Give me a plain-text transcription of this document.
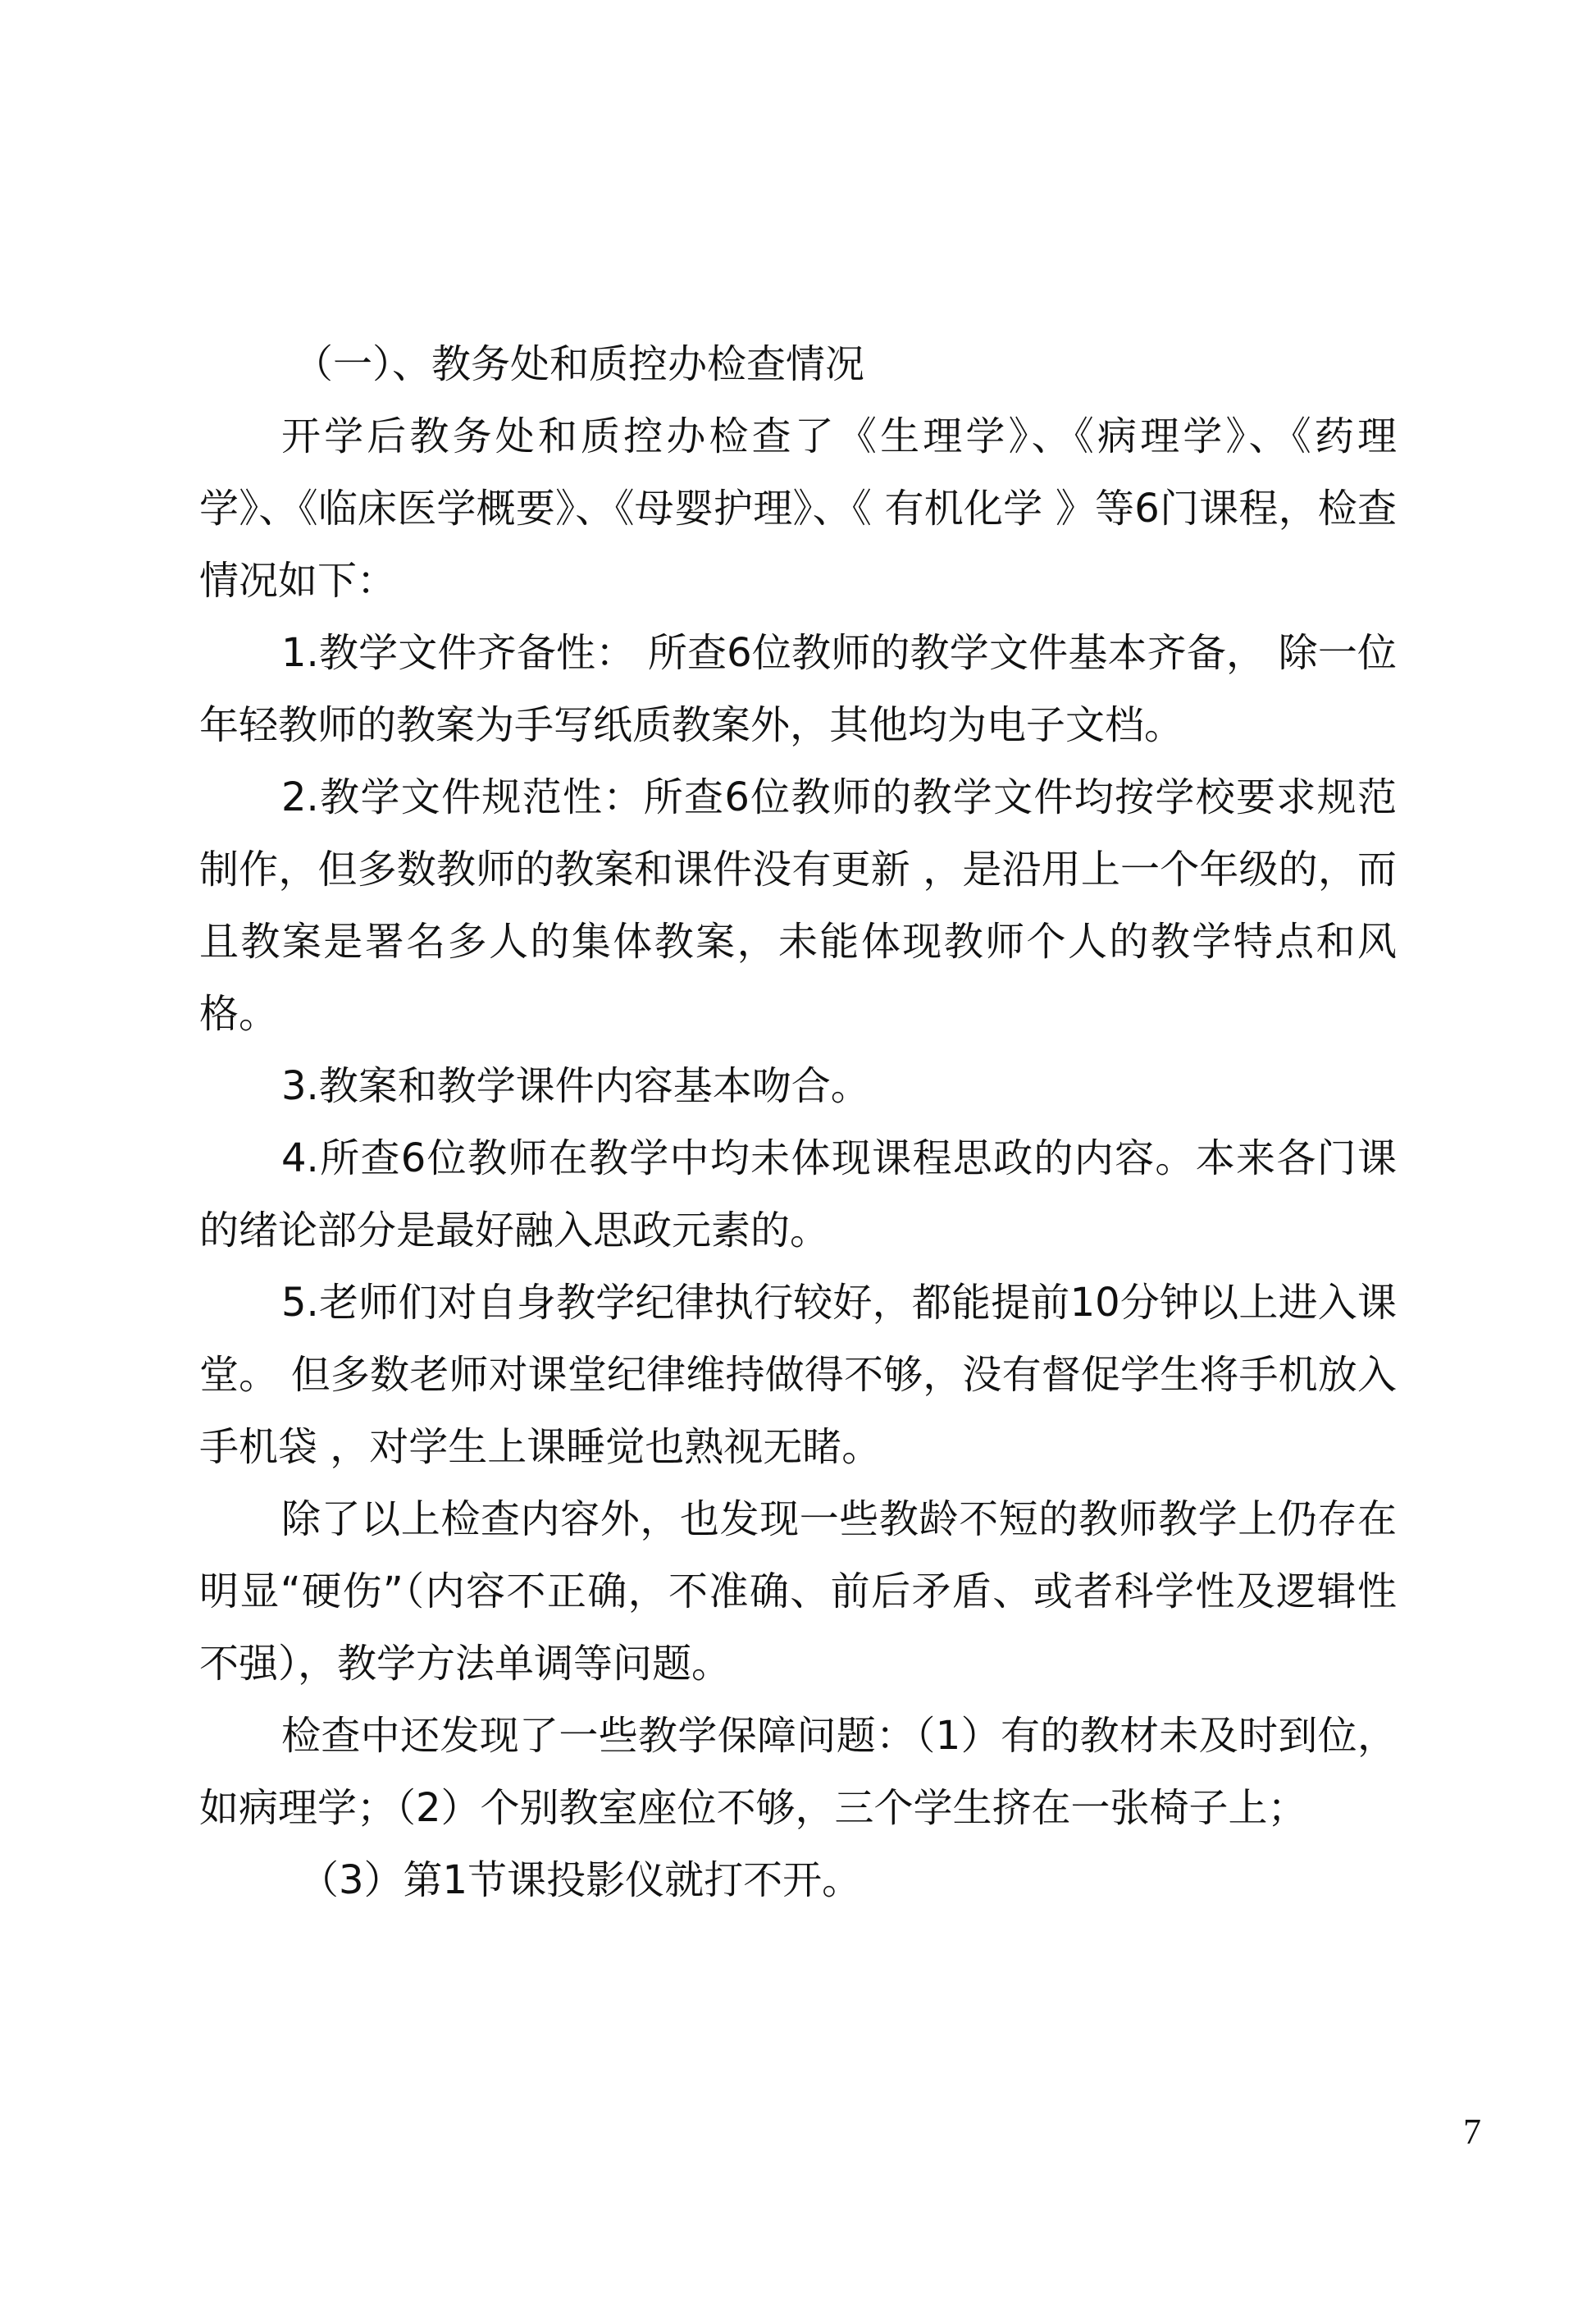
（一）、教务处和质控办检查情况

开学后教务处和质控办检查了《生理学》、《病理学》、《药理学》、《临床医学概要》、《母婴护理》、《 有机化学 》等6门课程，检查情况如下：

1.教学文件齐备性： 所查6位教师的教学文件基本齐备， 除一位年轻教师的教案为手写纸质教案外，其他均为电子文档。

2.教学文件规范性：所查6位教师的教学文件均按学校要求规范制作，但多数教师的教案和课件没有更新 ，是沿用上一个年级的，而且教案是署名多人的集体教案，未能体现教师个人的教学特点和风格。

3.教案和教学课件内容基本吻合。

4.所查6位教师在教学中均未体现课程思政的内容。本来各门课的绪论部分是最好融入思政元素的。

5.老师们对自身教学纪律执行较好，都能提前10分钟以上进入课堂。 但多数老师对课堂纪律维持做得不够，没有督促学生将手机放入手机袋 ，对学生上课睡觉也熟视无睹。

除了以上检查内容外，也发现一些教龄不短的教师教学上仍存在明显“硬伤”（内容不正确，不准确、前后矛盾、或者科学性及逻辑性不强），教学方法单调等问题。

检查中还发现了一些教学保障问题：（1）有的教材未及时到位，如病理学；（2）个别教室座位不够，三个学生挤在一张椅子上；

（3）第1节课投影仪就打不开。

7
